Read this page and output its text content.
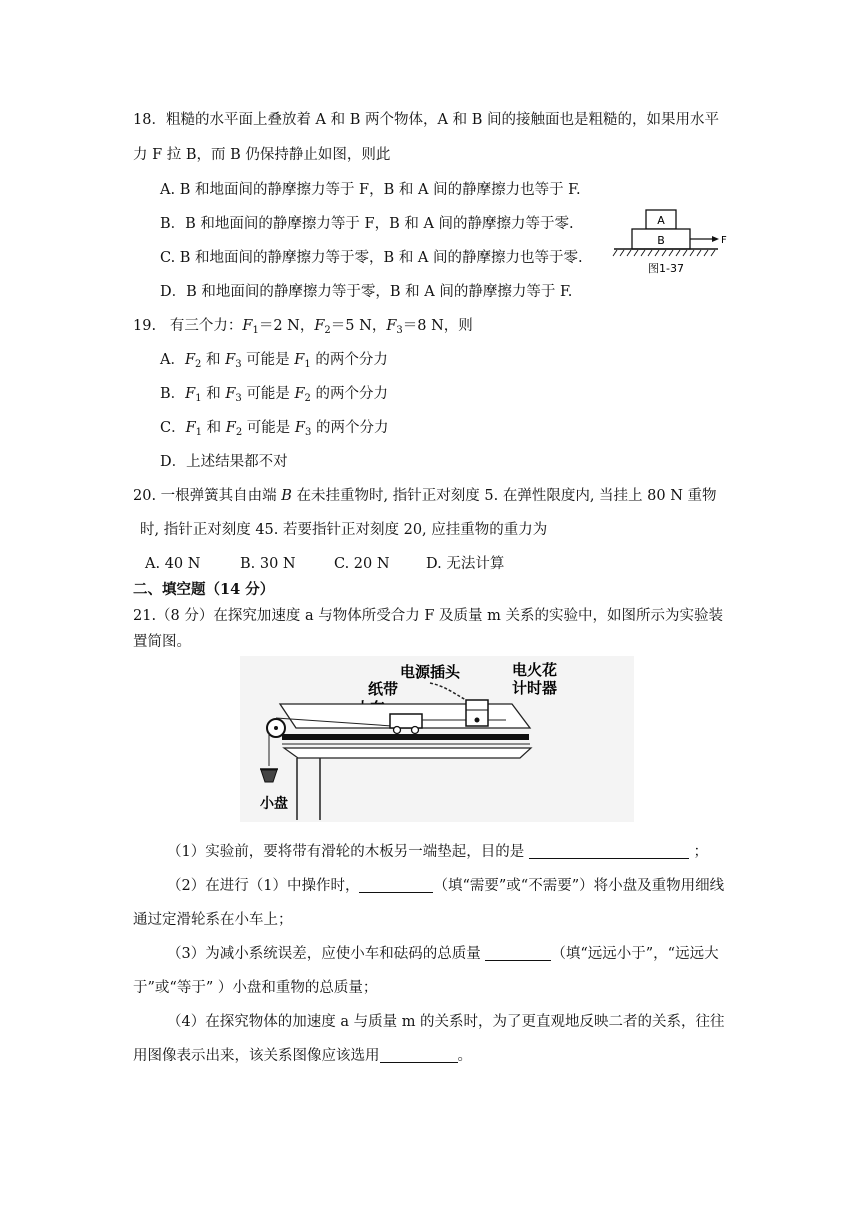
18．粗糙的水平面上叠放着 A 和 B 两个物体，A 和 B 间的接触面也是粗糙的，如果用水平
力 F 拉 B，而 B 仍保持静止如图，则此
A. B 和地面间的静摩擦力等于 F，B 和 A 间的静摩擦力也等于 F.
B．B 和地面间的静摩擦力等于 F，B 和 A 间的静摩擦力等于零.
C. B 和地面间的静摩擦力等于零，B 和 A 间的静摩擦力也等于零.
D．B 和地面间的静摩擦力等于零，B 和 A 间的静摩擦力等于 F.
A
B	F
图1-37
19. 有三个力：$F_1=2$ N，$F_2=5$ N，$F_3=8$ N，则
A．$F_2$ 和 $F_3$ 可能是 $F_1$ 的两个分力
B．$F_1$ 和 $F_3$ 可能是 $F_2$ 的两个分力
C．$F_1$ 和 $F_2$ 可能是 $F_3$ 的两个分力
D．上述结果都不对
20. 一根弹簧其自由端 B 在未挂重物时, 指针正对刻度 5. 在弹性限度内, 当挂上 80 N 重物
时, 指针正对刻度 45. 若要指针正对刻度 20, 应挂重物的重力为
A. 40 N	B. 30 N	C. 20 N	D. 无法计算
二、填空题（14 分）
21.（8 分）在探究加速度 a 与物体所受合力 F 及质量 m 关系的实验中，如图所示为实验装
置简图。
电源插头	电火花
计时器
纸带
小盘
（1）实验前，要将带有滑轮的木板另一端垫起，目的是	；
（2）在进行（1）中操作时，	（填“需要”或“不需要”）将小盘及重物用细线
通过定滑轮系在小车上；
（3）为减小系统误差，应使小车和砝码的总质量	（填“远远小于”，“远远大
于”或“等于” ）小盘和重物的总质量；
（4）在探究物体的加速度 a 与质量 m 的关系时，为了更直观地反映二者的关系，往往
用图像表示出来，该关系图像应该选用	。
